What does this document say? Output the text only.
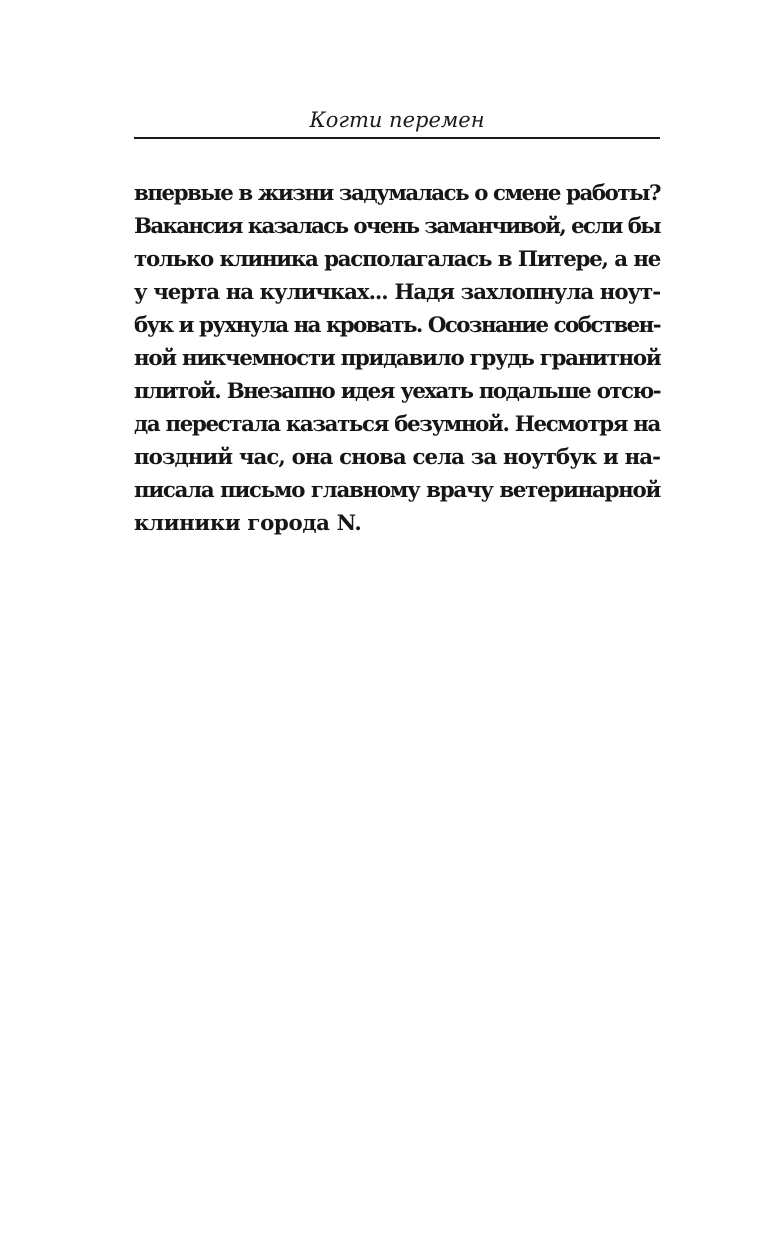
Когти перемен
впервые в жизни задумалась о смене работы?
Вакансия казалась очень заманчивой, если бы
только клиника располагалась в Питере, а не
у черта на куличках... Надя захлопнула ноут-
бук и рухнула на кровать. Осознание собствен-
ной никчемности придавило грудь гранитной
плитой. Внезапно идея уехать подальше отсю-
да перестала казаться безумной. Несмотря на
поздний час, она снова села за ноутбук и на-
писала письмо главному врачу ветеринарной
клиники города N.
